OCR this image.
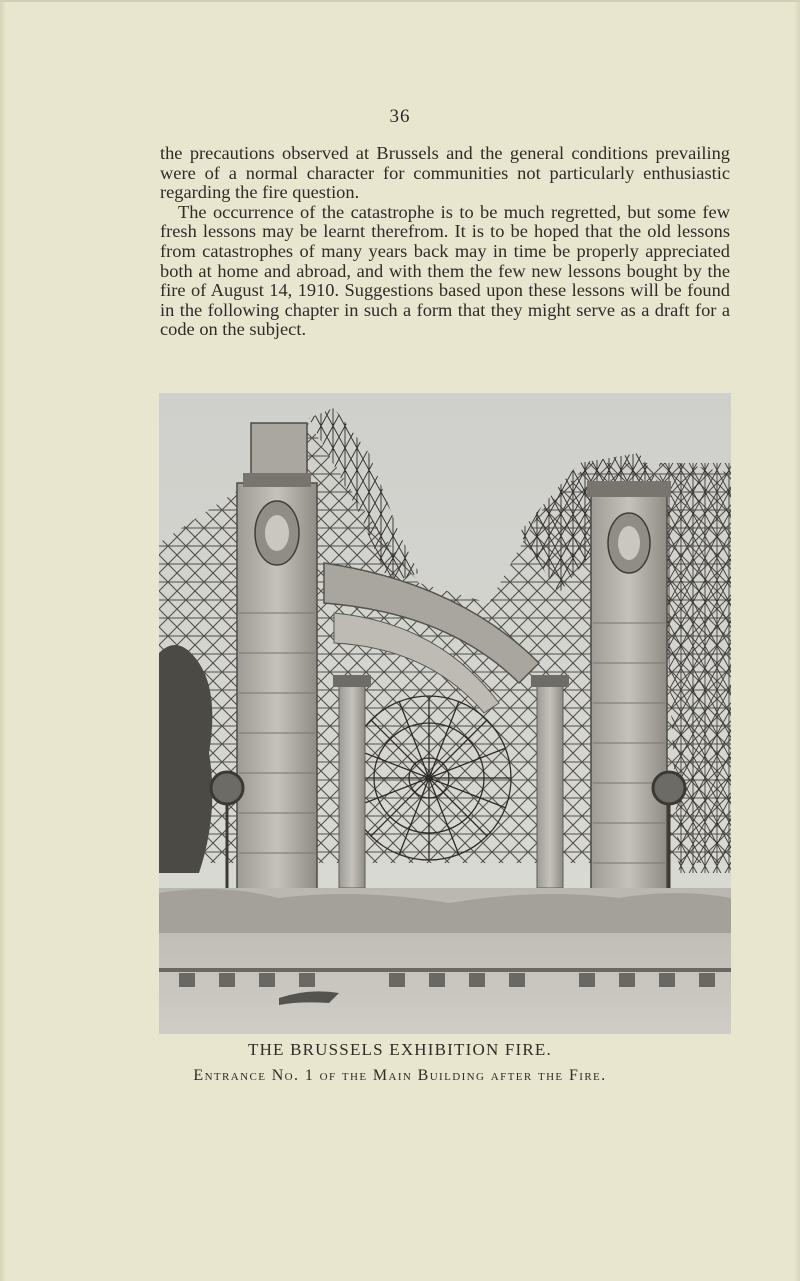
36

the precautions observed at Brussels and the general conditions prevailing were of a normal character for communities not particularly enthusiastic regarding the fire question.

The occurrence of the catastrophe is to be much regretted, but some few fresh lessons may be learnt therefrom. It is to be hoped that the old lessons from catastrophes of many years back may in time be properly appreciated both at home and abroad, and with them the few new lessons bought by the fire of August 14, 1910. Suggestions based upon these lessons will be found in the following chapter in such a form that they might serve as a draft for a code on the subject.

THE BRUSSELS EXHIBITION FIRE.
Entrance No. 1 of the Main Building after the Fire.
